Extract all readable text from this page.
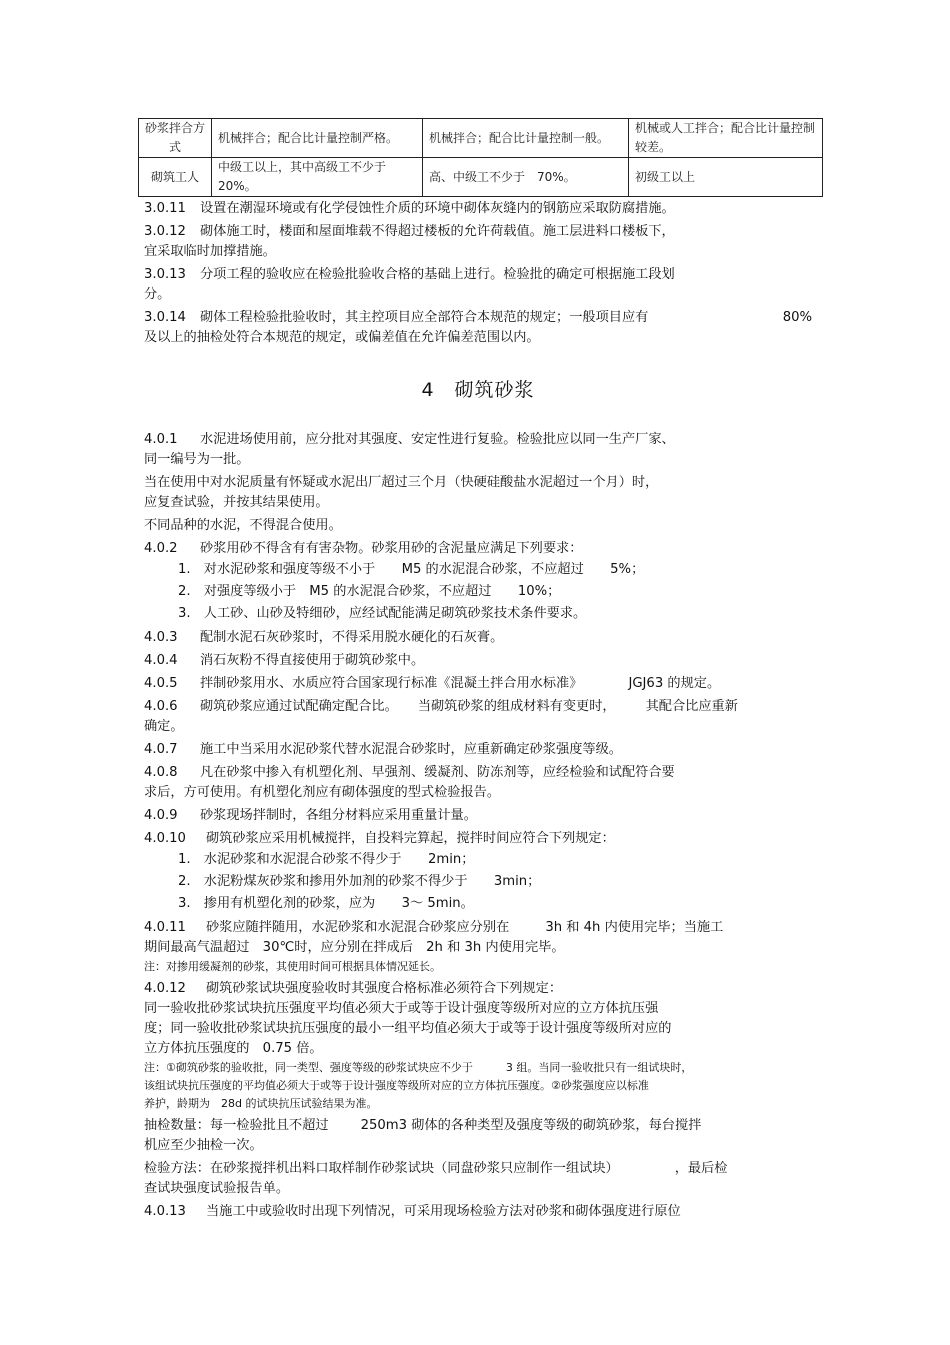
砂浆拌合方式	机械拌合；配合比计量控制严格。	机械拌合；配合比计量控制一般。	机械或人工拌合；配合比计量控制较差。
砌筑工人	中级工以上，其中高级工不少于 20%。	高、中级工不少于　70%。	初级工以上

3.0.11 设置在潮湿环境或有化学侵蚀性介质的环境中砌体灰缝内的钢筋应采取防腐措施。

3.0.12 砌体施工时，楼面和屋面堆载不得超过楼板的允许荷载值。施工层进料口楼板下，
宜采取临时加撑措施。

3.0.13 分项工程的验收应在检验批验收合格的基础上进行。检验批的确定可根据施工段划
分。

3.0.14 砌体工程检验批验收时，其主控项目应全部符合本规范的规定；一般项目应有	80%

及以上的抽检处符合本规范的规定，或偏差值在允许偏差范围以内。

4　砌筑砂浆

4.0.1 水泥进场使用前，应分批对其强度、安定性进行复验。检验批应以同一生产厂家、
同一编号为一批。

当在使用中对水泥质量有怀疑或水泥出厂超过三个月（快硬硅酸盐水泥超过一个月）时，
应复查试验，并按其结果使用。

不同品种的水泥，不得混合使用。

4.0.2 砂浆用砂不得含有有害杂物。砂浆用砂的含泥量应满足下列要求：

1.　对水泥砂浆和强度等级不小于　　M5 的水泥混合砂浆，不应超过　　5%；

2.　对强度等级小于　M5 的水泥混合砂浆，不应超过　　10%；

3.　人工砂、山砂及特细砂，应经试配能满足砌筑砂浆技术条件要求。

4.0.3 配制水泥石灰砂浆时，不得采用脱水硬化的石灰膏。

4.0.4 消石灰粉不得直接使用于砌筑砂浆中。

4.0.5 拌制砂浆用水、水质应符合国家现行标准《混凝土拌合用水标准》	JGJ63 的规定。

4.0.6 砌筑砂浆应通过试配确定配合比。 当砌筑砂浆的组成材料有变更时， 其配合比应重新
确定。

4.0.7 施工中当采用水泥砂浆代替水泥混合砂浆时，应重新确定砂浆强度等级。

4.0.8 凡在砂浆中掺入有机塑化剂、早强剂、缓凝剂、防冻剂等，应经检验和试配符合要
求后，方可使用。有机塑化剂应有砌体强度的型式检验报告。

4.0.9 砂浆现场拌制时，各组分材料应采用重量计量。

4.0.10 砌筑砂浆应采用机械搅拌，自投料完算起，搅拌时间应符合下列规定：

1.　水泥砂浆和水泥混合砂浆不得少于　　2min；

2.　水泥粉煤灰砂浆和掺用外加剂的砂浆不得少于　　3min；

3.　掺用有机塑化剂的砂浆，应为　　3～ 5min。

4.0.11 砂浆应随拌随用，水泥砂浆和水泥混合砂浆应分别在	3h 和 4h 内使用完毕；当施工
期间最高气温超过　30℃时，应分别在拌成后　2h 和 3h 内使用完毕。

注：对掺用缓凝剂的砂浆，其使用时间可根据具体情况延长。

4.0.12 砌筑砂浆试块强度验收时其强度合格标准必须符合下列规定：

同一验收批砂浆试块抗压强度平均值必须大于或等于设计强度等级所对应的立方体抗压强
度；同一验收批砂浆试块抗压强度的最小一组平均值必须大于或等于设计强度等级所对应的
立方体抗压强度的　0.75 倍。

注：①砌筑砂浆的验收批，同一类型、强度等级的砂浆试块应不少于　　　3 组。当同一验收批只有一组试块时，
该组试块抗压强度的平均值必须大于或等于设计强度等级所对应的立方体抗压强度。②砂浆强度应以标准
养护，龄期为　28d 的试块抗压试验结果为准。

抽检数量：每一检验批且不超过 250m3 砌体的各种类型及强度等级的砌筑砂浆，每台搅拌
机应至少抽检一次。

检验方法：在砂浆搅拌机出料口取样制作砂浆试块（同盘砂浆只应制作一组试块）	，最后检
查试块强度试验报告单。

4.0.13 当施工中或验收时出现下列情况，可采用现场检验方法对砂浆和砌体强度进行原位
